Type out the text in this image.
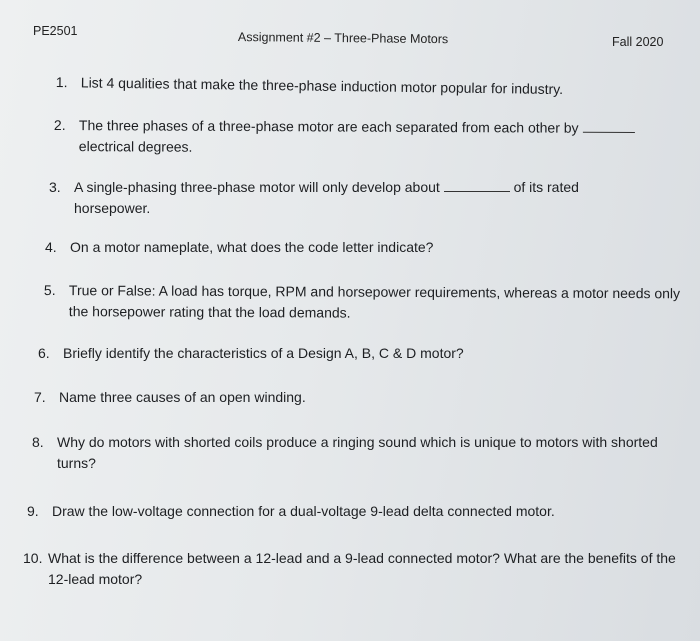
PE2501	Assignment #2 – Three-Phase Motors	Fall 2020
1. List 4 qualities that make the three-phase induction motor popular for industry.
2. The three phases of a three-phase motor are each separated from each other by
electrical degrees.
3. A single-phasing three-phase motor will only develop about	of its rated
horsepower.
4. On a motor nameplate, what does the code letter indicate?
5. True or False: A load has torque, RPM and horsepower requirements, whereas a motor needs only the horsepower rating that the load demands.
6. Briefly identify the characteristics of a Design A, B, C & D motor?
7. Name three causes of an open winding.
8. Why do motors with shorted coils produce a ringing sound which is unique to motors with shorted turns?
9. Draw the low-voltage connection for a dual-voltage 9-lead delta connected motor.
10. What is the difference between a 12-lead and a 9-lead connected motor? What are the benefits of the 12-lead motor?
